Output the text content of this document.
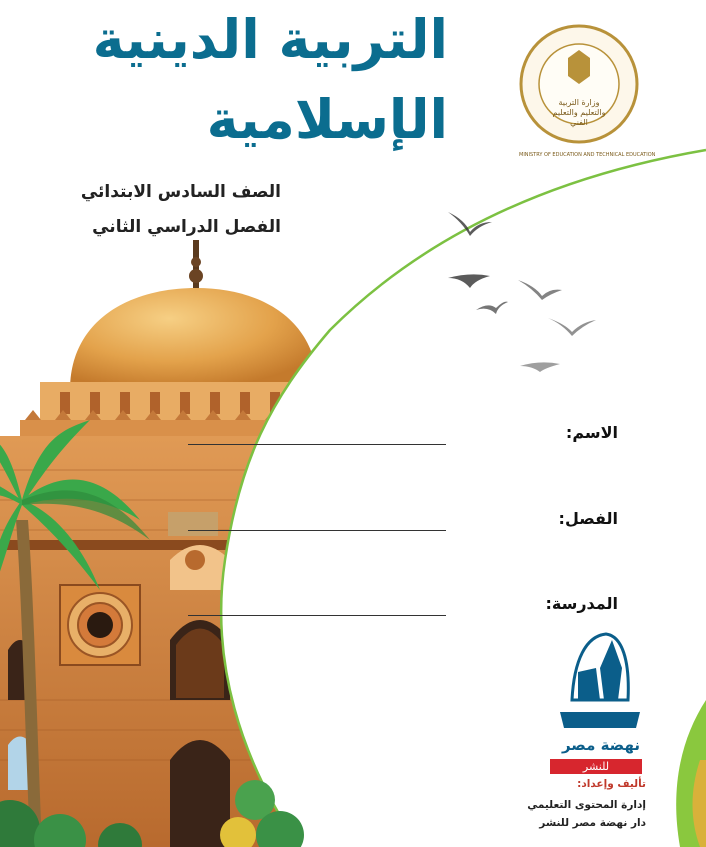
التربية الدينية
الإسلامية
MINISTRY OF EDUCATION AND TECHNICAL EDUCATION
وزارة التربية والتعليم والتعليم الفني
الصف السادس الابتدائي
الفصل الدراسي الثاني
الاسم:
الفصل:
المدرسة:
نهضة مصر
للنشر
تأليف وإعداد:
إدارة المحتوى التعليمي
دار نهضة مصر للنشر
